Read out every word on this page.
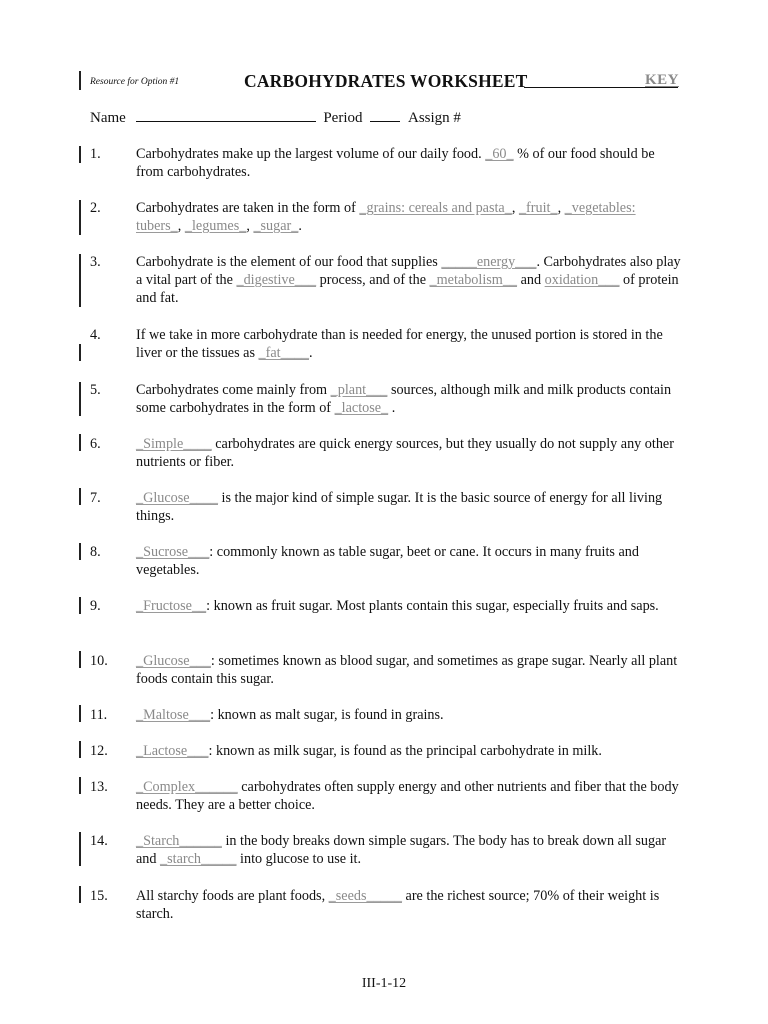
Resource for Option #1	CARBOHYDRATES WORKSHEET	KEY
Name	Period	Assign #
1. Carbohydrates make up the largest volume of our daily food. _60_ % of our food should be from carbohydrates.
2. Carbohydrates are taken in the form of _grains: cereals and pasta_, _fruit_, _vegetables: tubers_, _legumes_, _sugar_.
3. Carbohydrate is the element of our food that supplies _____energy___. Carbohydrates also play a vital part of the _digestive___ process, and of the _metabolism__ and oxidation___ of protein and fat.
4. If we take in more carbohydrate than is needed for energy, the unused portion is stored in the liver or the tissues as _fat____.
5. Carbohydrates come mainly from _plant___ sources, although milk and milk products contain some carbohydrates in the form of _lactose_ .
6. _Simple____ carbohydrates are quick energy sources, but they usually do not supply any other nutrients or fiber.
7. _Glucose____ is the major kind of simple sugar. It is the basic source of energy for all living things.
8. _Sucrose___: commonly known as table sugar, beet or cane. It occurs in many fruits and vegetables.
9. _Fructose__: known as fruit sugar. Most plants contain this sugar, especially fruits and saps.
10. _Glucose___: sometimes known as blood sugar, and sometimes as grape sugar. Nearly all plant foods contain this sugar.
11. _Maltose___: known as malt sugar, is found in grains.
12. _Lactose___: known as milk sugar, is found as the principal carbohydrate in milk.
13. _Complex______ carbohydrates often supply energy and other nutrients and fiber that the body needs. They are a better choice.
14. _Starch______ in the body breaks down simple sugars. The body has to break down all sugar and _starch_____ into glucose to use it.
15. All starchy foods are plant foods, _seeds_____ are the richest source; 70% of their weight is starch.
III-1-12
